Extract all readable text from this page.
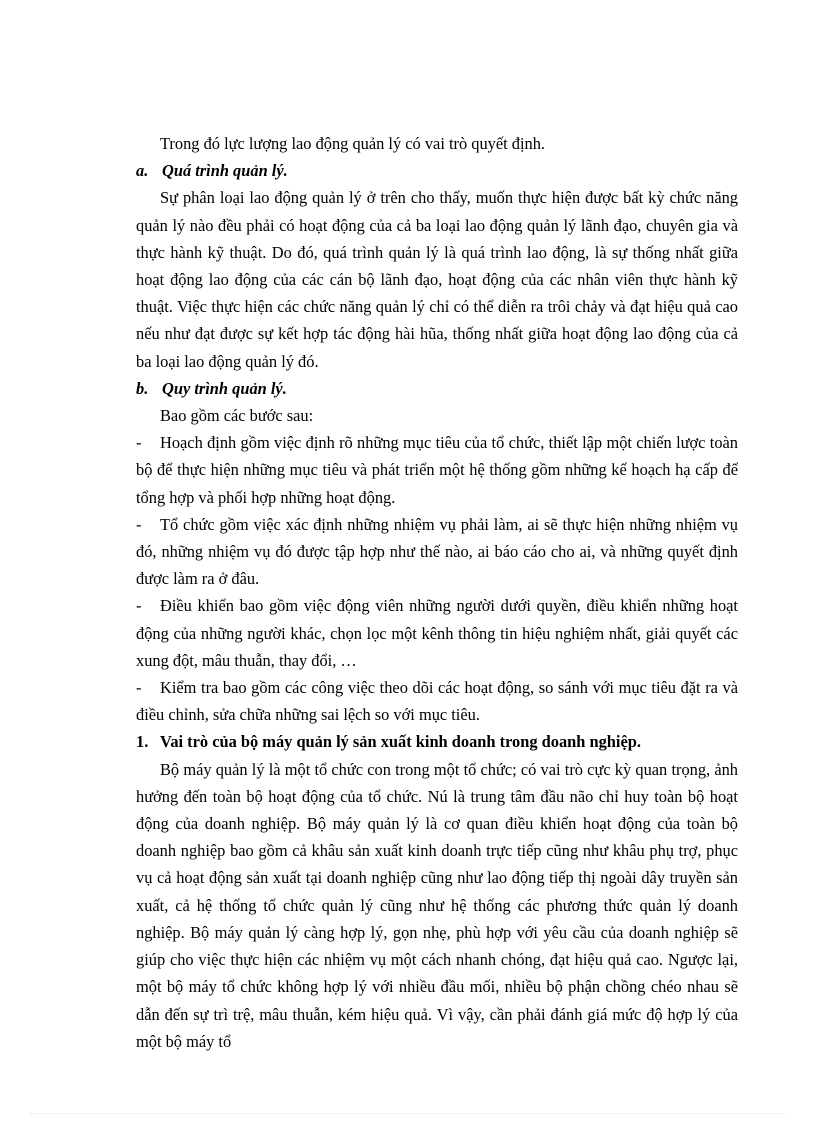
Trong đó lực lượng lao động quản lý có vai trò quyết định.

a. Quá trình quản lý.

Sự phân loại lao động quản lý ở trên cho thấy, muốn thực hiện được bất kỳ chức năng quản lý nào đều phải có hoạt động của cả ba loại lao động quản lý lãnh đạo, chuyên gia và thực hành kỹ thuật. Do đó, quá trình quản lý là quá trình lao động, là sự thống nhất giữa hoạt động lao động của các cán bộ lãnh đạo, hoạt động của các nhân viên thực hành kỹ thuật. Việc thực hiện các chức năng quản lý chỉ có thể diễn ra trôi chảy và đạt hiệu quả cao nếu như đạt được sự kết hợp tác động hài hũa, thống nhất giữa hoạt động lao động của cả ba loại lao động quản lý đó.

b. Quy trình quản lý.

Bao gồm các bước sau:

- Hoạch định gồm việc định rõ những mục tiêu của tổ chức, thiết lập một chiến lược toàn bộ để thực hiện những mục tiêu và phát triển một hệ thống gồm những kế hoạch hạ cấp để tổng hợp và phối hợp những hoạt động.

- Tổ chức gồm việc xác định những nhiệm vụ phải làm, ai sẽ thực hiện những nhiệm vụ đó, những nhiệm vụ đó được tập hợp như thế nào, ai báo cáo cho ai, và những quyết định được làm ra ở đâu.

- Điều khiển bao gồm việc động viên những người dưới quyền, điều khiển những hoạt động của những người khác, chọn lọc một kênh thông tin hiệu nghiệm nhất, giải quyết các xung đột, mâu thuẫn, thay đổi, …

- Kiểm tra bao gồm các công việc theo dõi các hoạt động, so sánh với mục tiêu đặt ra và điều chỉnh, sửa chữa những sai lệch so với mục tiêu.

1. Vai trò của bộ máy quản lý sản xuất kinh doanh trong doanh nghiệp.

Bộ máy quản lý là một tổ chức con trong một tổ chức; có vai trò cực kỳ quan trọng, ảnh hưởng đến toàn bộ hoạt động của tổ chức. Nú là trung tâm đầu não chỉ huy toàn bộ hoạt động của doanh nghiệp. Bộ máy quản lý là cơ quan điều khiển hoạt động của toàn bộ doanh nghiệp bao gồm cả khâu sản xuất kinh doanh trực tiếp cũng như khâu phụ trợ, phục vụ cả hoạt động sản xuất tại doanh nghiệp cũng như lao động tiếp thị ngoài dây truyền sản xuất, cả hệ thống tổ chức quản lý cũng như hệ thống các phương thức quản lý doanh nghiệp. Bộ máy quản lý càng hợp lý, gọn nhẹ, phù hợp với yêu cầu của doanh nghiệp sẽ giúp cho việc thực hiện các nhiệm vụ một cách nhanh chóng, đạt hiệu quả cao. Ngược lại, một bộ máy tổ chức không hợp lý với nhiều đầu mối, nhiều bộ phận chồng chéo nhau sẽ dẫn đến sự trì trệ, mâu thuẫn, kém hiệu quả. Vì vậy, cần phải đánh giá mức độ hợp lý của một bộ máy tổ
